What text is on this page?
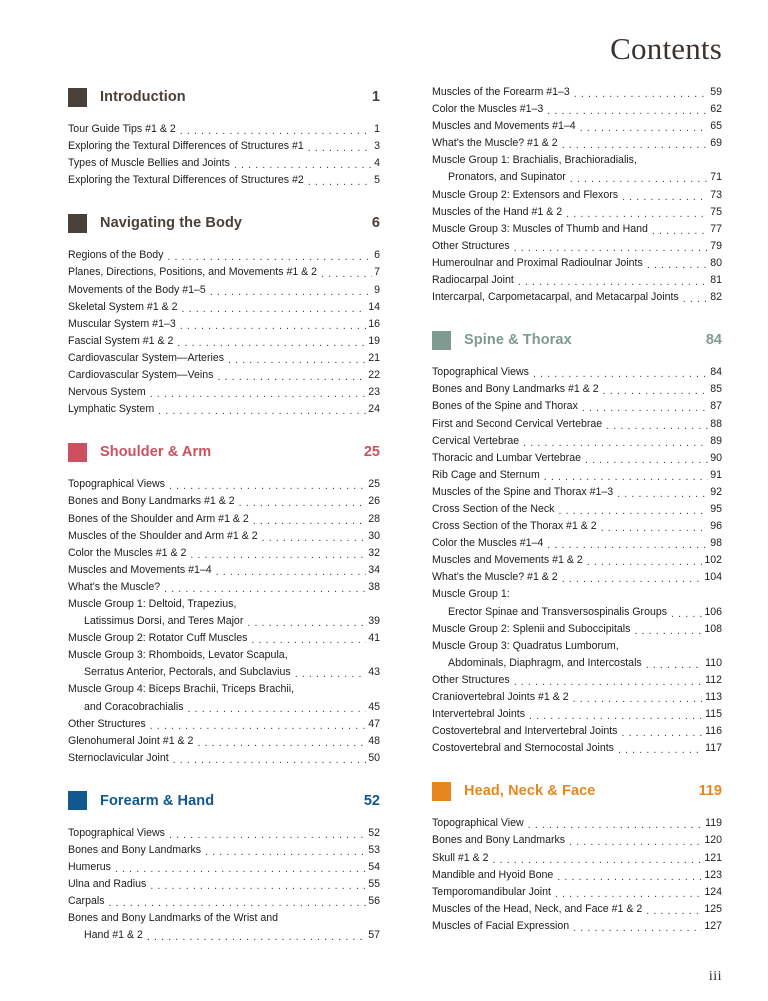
Contents
Introduction	1
Tour Guide Tips #1 & 2 . . .	1
Exploring the Textural Differences of Structures #1 . . .	3
Types of Muscle Bellies and Joints . . .	4
Exploring the Textural Differences of Structures #2 . . .	5
Navigating the Body	6
Regions of the Body . . .	6
Planes, Directions, Positions, and Movements #1 & 2 . . .	7
Movements of the Body #1–5 . . .	9
Skeletal System #1 & 2 . . .	14
Muscular System #1–3 . . .	16
Fascial System #1 & 2 . . .	19
Cardiovascular System—Arteries . . .	21
Cardiovascular System—Veins . . .	22
Nervous System . . .	23
Lymphatic System . . .	24
Shoulder & Arm	25
Topographical Views . . .	25
Bones and Bony Landmarks #1 & 2 . . .	26
Bones of the Shoulder and Arm #1 & 2 . . .	28
Muscles of the Shoulder and Arm #1 & 2 . . .	30
Color the Muscles #1 & 2 . . .	32
Muscles and Movements #1–4 . . .	34
What's the Muscle? . . .	38
Muscle Group 1: Deltoid, Trapezius,
Latissimus Dorsi, and Teres Major . . .	39
Muscle Group 2: Rotator Cuff Muscles . . .	41
Muscle Group 3: Rhomboids, Levator Scapula,
Serratus Anterior, Pectorals, and Subclavius . . .	43
Muscle Group 4: Biceps Brachii, Triceps Brachii,
and Coracobrachialis . . .	45
Other Structures . . .	47
Glenohumeral Joint #1 & 2 . . .	48
Sternoclavicular Joint . . .	50
Forearm & Hand	52
Topographical Views . . .	52
Bones and Bony Landmarks . . .	53
Humerus . . .	54
Ulna and Radius . . .	55
Carpals . . .	56
Bones and Bony Landmarks of the Wrist and
Hand #1 & 2 . . .	57
Muscles of the Forearm #1–3 . . .	59
Color the Muscles #1–3 . . .	62
Muscles and Movements #1–4 . . .	65
What's the Muscle? #1 & 2 . . .	69
Muscle Group 1: Brachialis, Brachioradialis,
Pronators, and Supinator . . .	71
Muscle Group 2: Extensors and Flexors . . .	73
Muscles of the Hand #1 & 2 . . .	75
Muscle Group 3: Muscles of Thumb and Hand . . .	77
Other Structures . . .	79
Humeroulnar and Proximal Radioulnar Joints . . .	80
Radiocarpal Joint . . .	81
Intercarpal, Carpometacarpal, and Metacarpal Joints . . .	82
Spine & Thorax	84
Topographical Views . . .	84
Bones and Bony Landmarks #1 & 2 . . .	85
Bones of the Spine and Thorax . . .	87
First and Second Cervical Vertebrae . . .	88
Cervical Vertebrae . . .	89
Thoracic and Lumbar Vertebrae . . .	90
Rib Cage and Sternum . . .	91
Muscles of the Spine and Thorax #1–3 . . .	92
Cross Section of the Neck . . .	95
Cross Section of the Thorax #1 & 2 . . .	96
Color the Muscles #1–4 . . .	98
Muscles and Movements #1 & 2 . . .	102
What's the Muscle? #1 & 2 . . .	104
Muscle Group 1:
Erector Spinae and Transversospinalis Groups . . .	106
Muscle Group 2: Splenii and Suboccipitals . . .	108
Muscle Group 3: Quadratus Lumborum,
Abdominals, Diaphragm, and Intercostals . . .	110
Other Structures . . .	112
Craniovertebral Joints #1 & 2 . . .	113
Intervertebral Joints . . .	115
Costovertebral and Intervertebral Joints . . .	116
Costovertebral and Sternocostal Joints . . .	117
Head, Neck & Face	119
Topographical View . . .	119
Bones and Bony Landmarks . . .	120
Skull #1 & 2 . . .	121
Mandible and Hyoid Bone . . .	123
Temporomandibular Joint . . .	124
Muscles of the Head, Neck, and Face #1 & 2 . . .	125
Muscles of Facial Expression . . .	127
iii
